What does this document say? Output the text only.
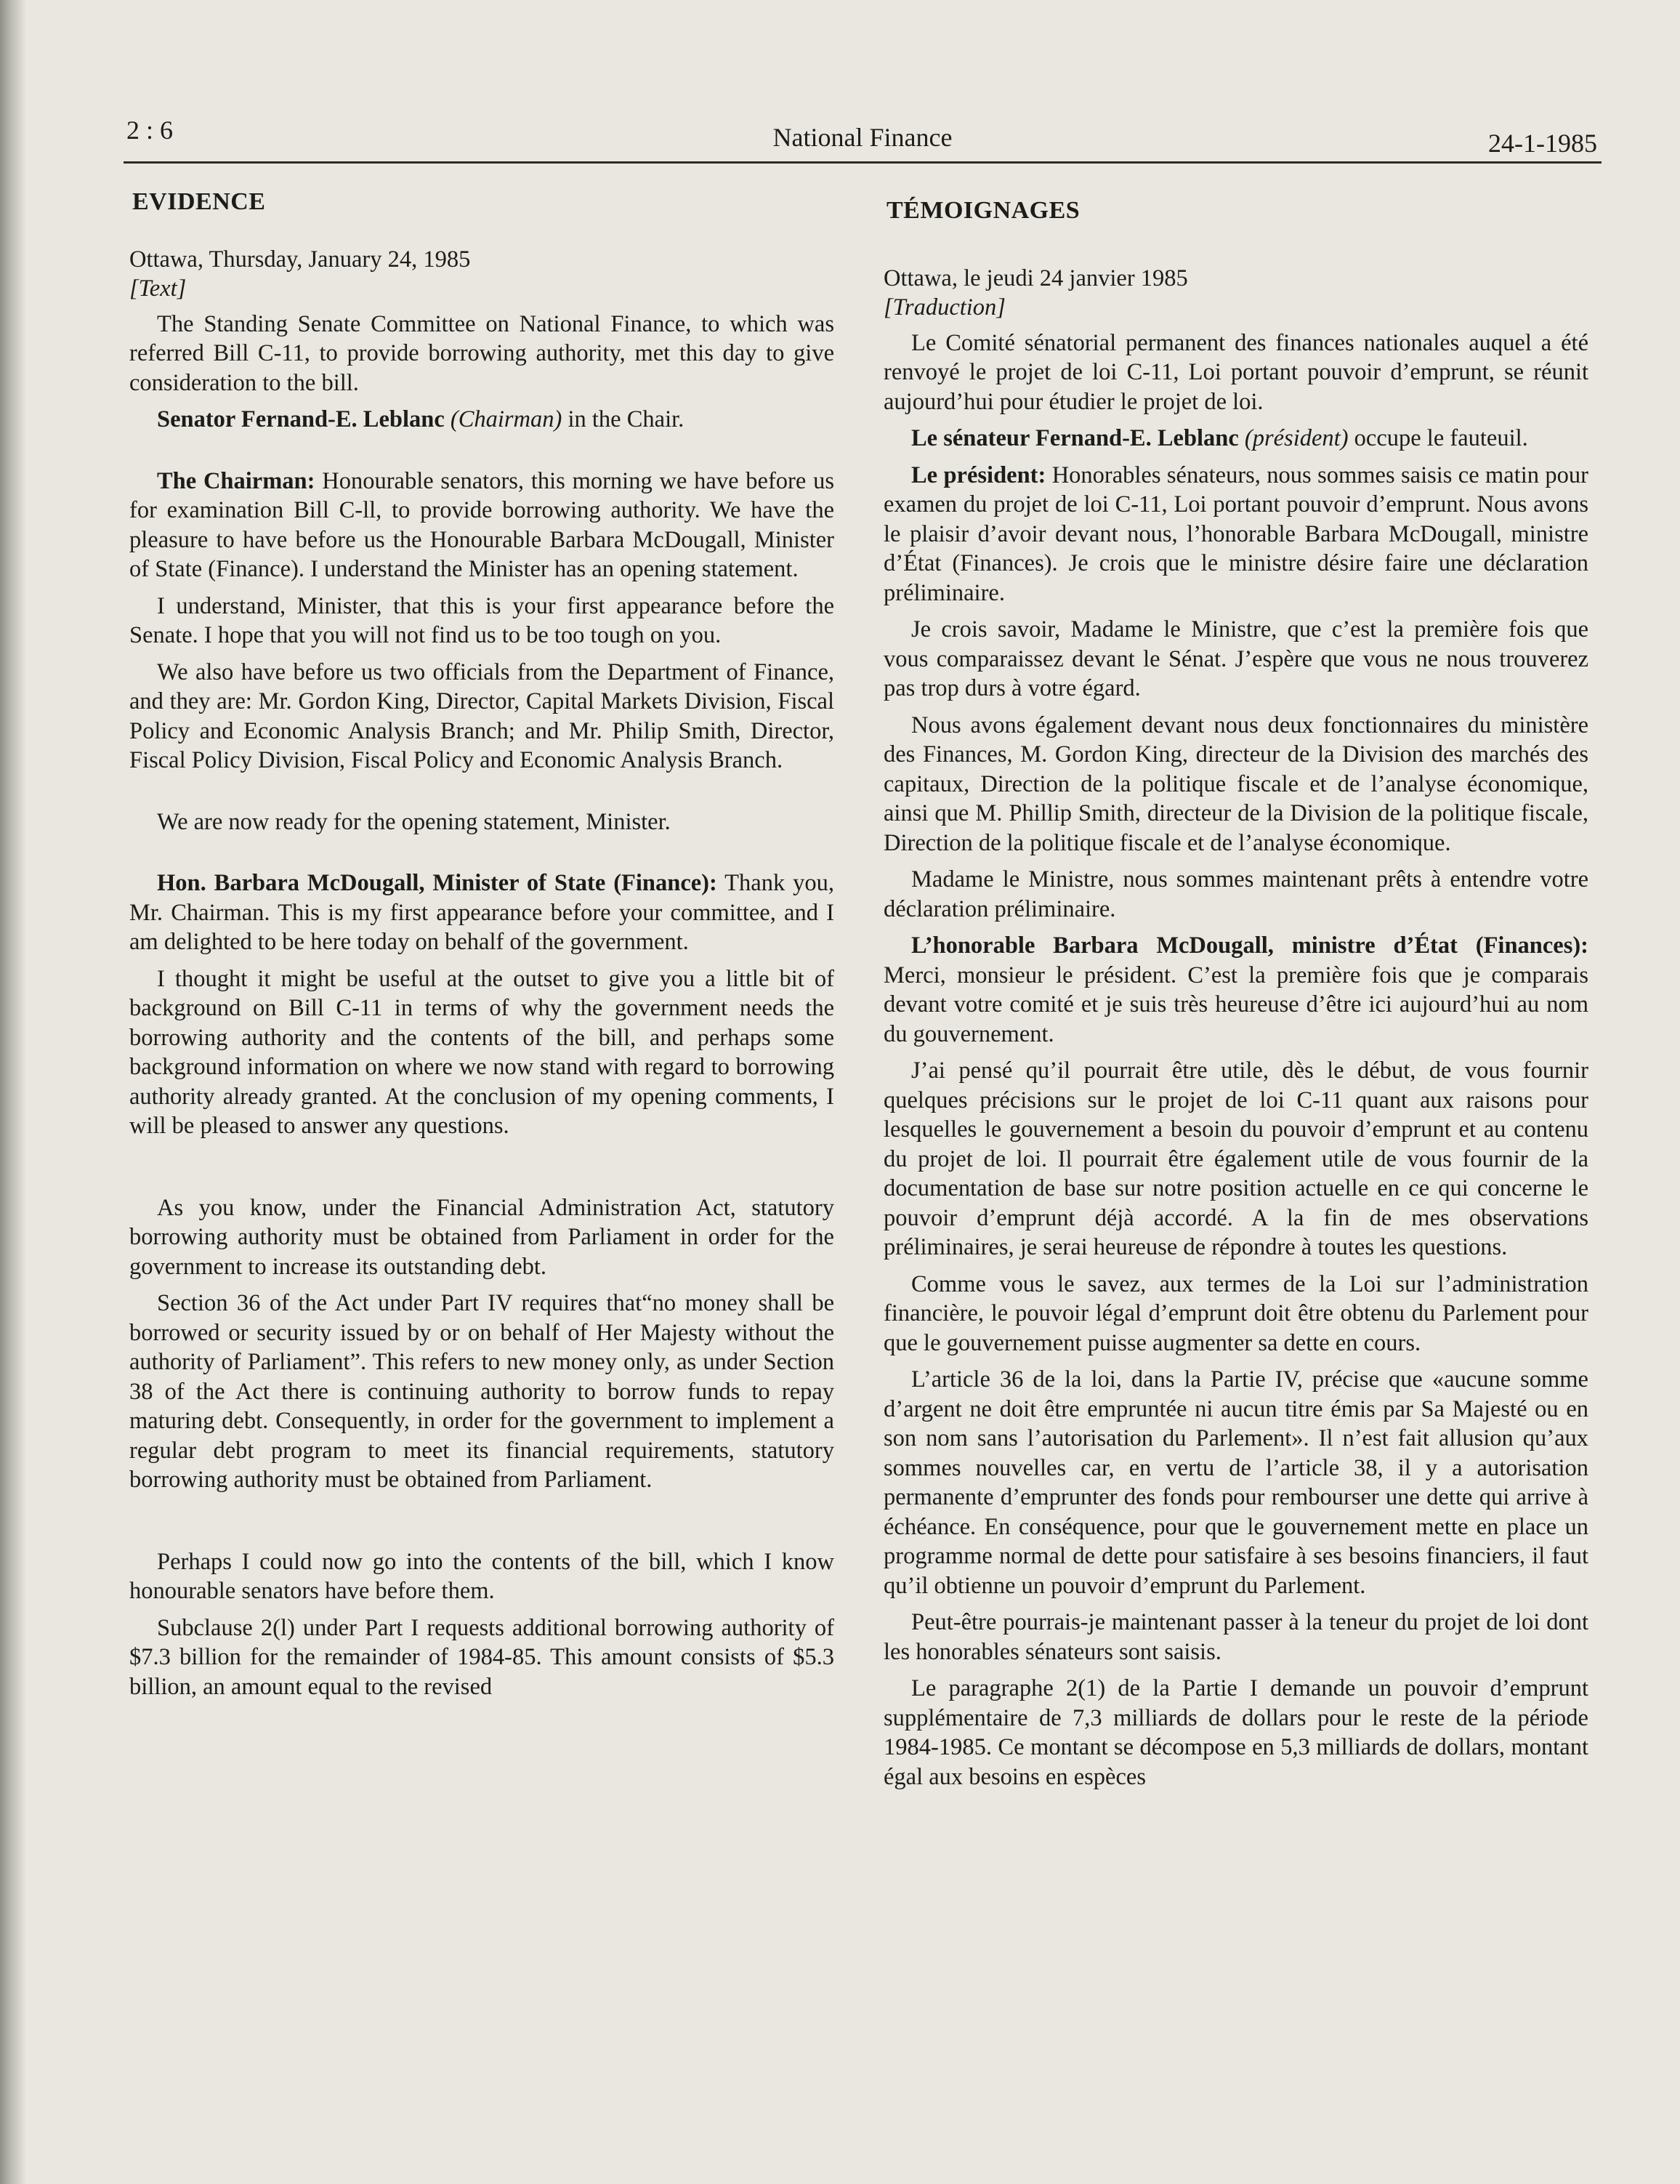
2 : 6	National Finance	24-1-1985
EVIDENCE
Ottawa, Thursday, January 24, 1985
[Text]

The Standing Senate Committee on National Finance, to which was referred Bill C-11, to provide borrowing authority, met this day to give consideration to the bill.

Senator Fernand-E. Leblanc (Chairman) in the Chair.

The Chairman: Honourable senators, this morning we have before us for examination Bill C-ll, to provide borrowing authority. We have the pleasure to have before us the Honourable Barbara McDougall, Minister of State (Finance). I understand the Minister has an opening statement.

I understand, Minister, that this is your first appearance before the Senate. I hope that you will not find us to be too tough on you.

We also have before us two officials from the Department of Finance, and they are: Mr. Gordon King, Director, Capital Markets Division, Fiscal Policy and Economic Analysis Branch; and Mr. Philip Smith, Director, Fiscal Policy Division, Fiscal Policy and Economic Analysis Branch.

We are now ready for the opening statement, Minister.

Hon. Barbara McDougall, Minister of State (Finance): Thank you, Mr. Chairman. This is my first appearance before your committee, and I am delighted to be here today on behalf of the government.

I thought it might be useful at the outset to give you a little bit of background on Bill C-11 in terms of why the government needs the borrowing authority and the contents of the bill, and perhaps some background information on where we now stand with regard to borrowing authority already granted. At the conclusion of my opening comments, I will be pleased to answer any questions.

As you know, under the Financial Administration Act, statutory borrowing authority must be obtained from Parliament in order for the government to increase its outstanding debt.

Section 36 of the Act under Part IV requires that“no money shall be borrowed or security issued by or on behalf of Her Majesty without the authority of Parliament”. This refers to new money only, as under Section 38 of the Act there is continuing authority to borrow funds to repay maturing debt. Consequently, in order for the government to implement a regular debt program to meet its financial requirements, statutory borrowing authority must be obtained from Parliament.

Perhaps I could now go into the contents of the bill, which I know honourable senators have before them.

Subclause 2(l) under Part I requests additional borrowing authority of $7.3 billion for the remainder of 1984-85. This amount consists of $5.3 billion, an amount equal to the revised

TÉMOIGNAGES
Ottawa, le jeudi 24 janvier 1985
[Traduction]

Le Comité sénatorial permanent des finances nationales auquel a été renvoyé le projet de loi C-11, Loi portant pouvoir d’emprunt, se réunit aujourd’hui pour étudier le projet de loi.

Le sénateur Fernand-E. Leblanc (président) occupe le fauteuil.

Le président: Honorables sénateurs, nous sommes saisis ce matin pour examen du projet de loi C-11, Loi portant pouvoir d’emprunt. Nous avons le plaisir d’avoir devant nous, l’honorable Barbara McDougall, ministre d’État (Finances). Je crois que le ministre désire faire une déclaration préliminaire.

Je crois savoir, Madame le Ministre, que c’est la première fois que vous comparaissez devant le Sénat. J’espère que vous ne nous trouverez pas trop durs à votre égard.

Nous avons également devant nous deux fonctionnaires du ministère des Finances, M. Gordon King, directeur de la Division des marchés des capitaux, Direction de la politique fiscale et de l’analyse économique, ainsi que M. Phillip Smith, directeur de la Division de la politique fiscale, Direction de la politique fiscale et de l’analyse économique.

Madame le Ministre, nous sommes maintenant prêts à entendre votre déclaration préliminaire.

L’honorable Barbara McDougall, ministre d’État (Finances): Merci, monsieur le président. C’est la première fois que je comparais devant votre comité et je suis très heureuse d’être ici aujourd’hui au nom du gouvernement.

J’ai pensé qu’il pourrait être utile, dès le début, de vous fournir quelques précisions sur le projet de loi C-11 quant aux raisons pour lesquelles le gouvernement a besoin du pouvoir d’emprunt et au contenu du projet de loi. Il pourrait être également utile de vous fournir de la documentation de base sur notre position actuelle en ce qui concerne le pouvoir d’emprunt déjà accordé. A la fin de mes observations préliminaires, je serai heureuse de répondre à toutes les questions.

Comme vous le savez, aux termes de la Loi sur l’administration financière, le pouvoir légal d’emprunt doit être obtenu du Parlement pour que le gouvernement puisse augmenter sa dette en cours.

L’article 36 de la loi, dans la Partie IV, précise que «aucune somme d’argent ne doit être empruntée ni aucun titre émis par Sa Majesté ou en son nom sans l’autorisation du Parlement». Il n’est fait allusion qu’aux sommes nouvelles car, en vertu de l’article 38, il y a autorisation permanente d’emprunter des fonds pour rembourser une dette qui arrive à échéance. En conséquence, pour que le gouvernement mette en place un programme normal de dette pour satisfaire à ses besoins financiers, il faut qu’il obtienne un pouvoir d’emprunt du Parlement.

Peut-être pourrais-je maintenant passer à la teneur du projet de loi dont les honorables sénateurs sont saisis.

Le paragraphe 2(1) de la Partie I demande un pouvoir d’emprunt supplémentaire de 7,3 milliards de dollars pour le reste de la période 1984-1985. Ce montant se décompose en 5,3 milliards de dollars, montant égal aux besoins en espèces
